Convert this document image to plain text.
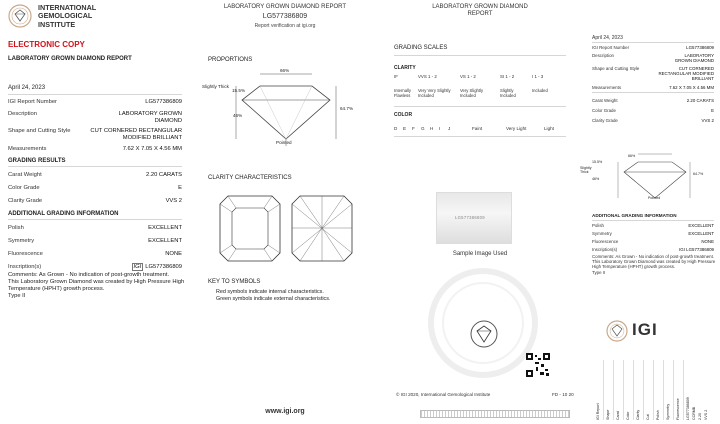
INTERNATIONAL
GEMOLOGICAL
INSTITUTE
ELECTRONIC COPY
LABORATORY GROWN DIAMOND REPORT
April 24, 2023
IGI Report Number	LG577386809
Description	LABORATORY GROWN DIAMOND
Shape and Cutting Style	CUT CORNERED RECTANGULAR MODIFIED BRILLIANT
Measurements	7.62 X 7.05 X 4.56 MM
GRADING RESULTS
Carat Weight	2.20 CARATS
Color Grade	E
Clarity Grade	VVS 2
ADDITIONAL GRADING INFORMATION
Polish	EXCELLENT
Symmetry	EXCELLENT
Fluorescence	NONE
Inscription(s)	IGI LG577386809
Comments: As Grown - No indication of post-growth treatment.
This Laboratory Grown Diamond was created by High Pressure High Temperature (HPHT) growth process.
Type II
LABORATORY GROWN DIAMOND REPORT
LG577386809
Report verification at igi.org
PROPORTIONS
66%
15.5%
46%
64.7%
Slightly Thick
Pointed
CLARITY CHARACTERISTICS
KEY TO SYMBOLS
Red symbols indicate internal characteristics.
Green symbols indicate external characteristics.
www.igi.org
LABORATORY GROWN DIAMOND REPORT
GRADING SCALES
CLARITY
IF	VVS 1 - 2	VS 1 - 2	SI 1 - 2	I 1 - 3
Internally Flawless
Very Very Slightly Included
Very Slightly Included
Slightly Included
Included
COLOR
D	E	F	G	H	I	J	Faint	Very Light	Light
LG577386809
Sample Image Used
© IGI 2020, International Gemological Institute	FD - 10 20
April 24, 2023
IGI Report Number	LG577386809
Description	LABORATORY GROWN DIAMOND
Shape and Cutting Style	CUT CORNERED RECTANGULAR MODIFIED BRILLIANT
Measurements	7.62 X 7.05 X 4.56 MM
Carat Weight	2.20 CARATS
Color Grade	E
Clarity Grade	VVS 2
66%
15.5%
46%
64.7%
Slightly Thick
Pointed
ADDITIONAL GRADING INFORMATION
Polish	EXCELLENT
Symmetry	EXCELLENT
Fluorescence	NONE
Inscription(s)	IGI LG577386809
Comments: As Grown - No indication of post-growth treatment.
This Laboratory Grown Diamond was created by High Pressure High Temperature (HPHT) growth process.
Type II
IGI
IGI Report Shape Carat Color Clarity Cut Polish Symmetry Fluorescence LG577386809 CCRMB 2.20 VVS 2
